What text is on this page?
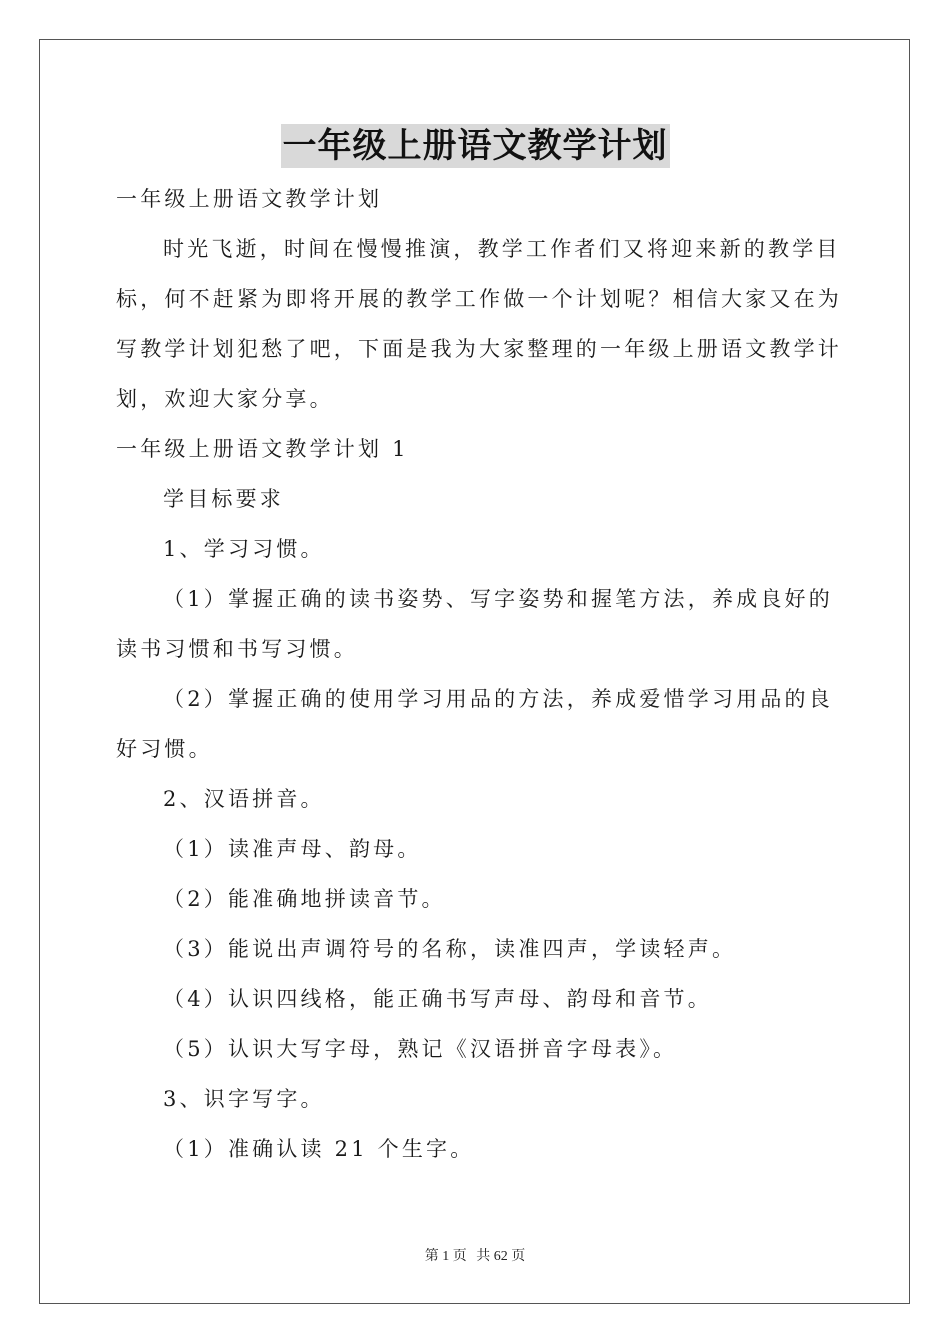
一年级上册语文教学计划
一年级上册语文教学计划
时光飞逝，时间在慢慢推演，教学工作者们又将迎来新的教学目
标，何不赶紧为即将开展的教学工作做一个计划呢？相信大家又在为
写教学计划犯愁了吧，下面是我为大家整理的一年级上册语文教学计
划，欢迎大家分享。
一年级上册语文教学计划 1
学目标要求
1、学习习惯。
（1）掌握正确的读书姿势、写字姿势和握笔方法，养成良好的
读书习惯和书写习惯。
（2）掌握正确的使用学习用品的方法，养成爱惜学习用品的良
好习惯。
2、汉语拼音。
（1）读准声母、韵母。
（2）能准确地拼读音节。
（3）能说出声调符号的名称，读准四声，学读轻声。
（4）认识四线格，能正确书写声母、韵母和音节。
（5）认识大写字母，熟记《汉语拼音字母表》。
3、识字写字。
（1）准确认读 21 个生字。
第 1 页 共 62 页
